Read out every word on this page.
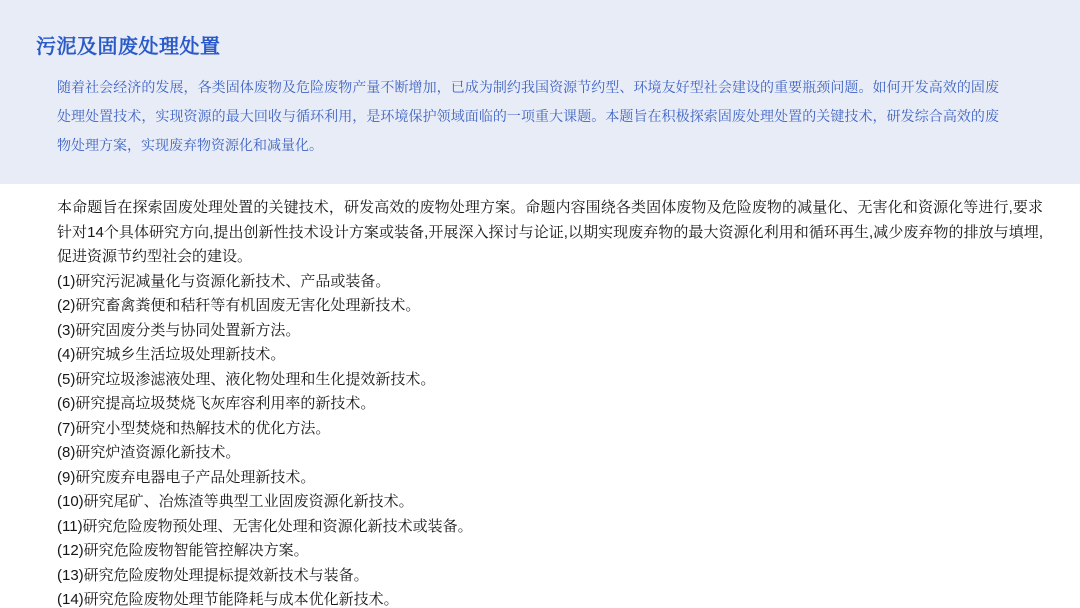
污泥及固废处理处置
随着社会经济的发展，各类固体废物及危险废物产量不断增加，已成为制约我国资源节约型、环境友好型社会建设的重要瓶颈问题。如何开发高效的固废处理处置技术，实现资源的最大回收与循环利用，是环境保护领域面临的一项重大课题。本题旨在积极探索固废处理处置的关键技术，研发综合高效的废物处理方案，实现废弃物资源化和减量化。
本命题旨在探索固废处理处置的关键技术，研发高效的废物处理方案。命题内容围绕各类固体废物及危险废物的减量化、无害化和资源化等进行,要求针对14个具体研究方向,提出创新性技术设计方案或装备,开展深入探讨与论证,以期实现废弃物的最大资源化利用和循环再生,减少废弃物的排放与填埋,促进资源节约型社会的建设。
(1)研究污泥减量化与资源化新技术、产品或装备。
(2)研究畜禽粪便和秸秆等有机固废无害化处理新技术。
(3)研究固废分类与协同处置新方法。
(4)研究城乡生活垃圾处理新技术。
(5)研究垃圾渗滤液处理、液化物处理和生化提效新技术。
(6)研究提高垃圾焚烧飞灰库容利用率的新技术。
(7)研究小型焚烧和热解技术的优化方法。
(8)研究炉渣资源化新技术。
(9)研究废弃电器电子产品处理新技术。
(10)研究尾矿、冶炼渣等典型工业固废资源化新技术。
(11)研究危险废物预处理、无害化处理和资源化新技术或装备。
(12)研究危险废物智能管控解决方案。
(13)研究危险废物处理提标提效新技术与装备。
(14)研究危险废物处理节能降耗与成本优化新技术。
